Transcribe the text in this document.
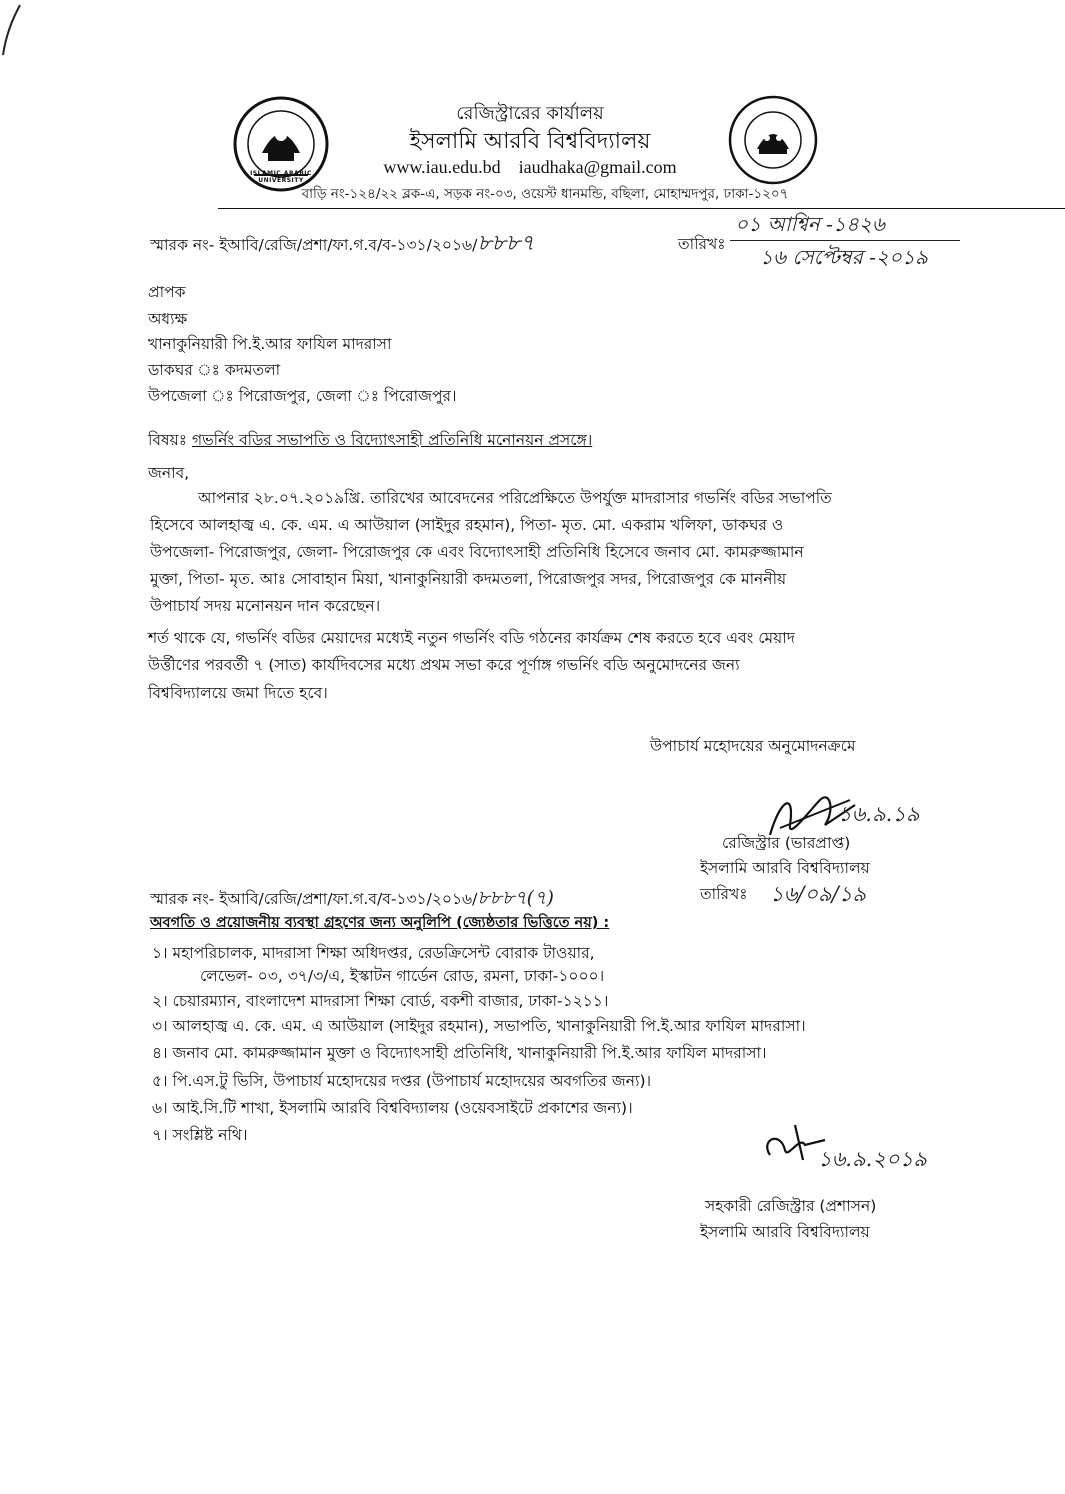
ISLAMIC ARABIC UNIVERSITY
রেজিস্ট্রারের কার্যালয়
ইসলামি আরবি বিশ্ববিদ্যালয়
www.iau.edu.bd iaudhaka@gmail.com
বাড়ি নং-১২৪/২২ ব্লক-এ, সড়ক নং-০৩, ওয়েস্ট ধানমন্ডি, বছিলা, মোহাম্মদপুর, ঢাকা-১২০৭
স্মারক নং- ইআবি/রেজি/প্রশা/ফা.গ.ব/ব-১৩১/২০১৬/৮৮৮৭	তারিখঃ
০১ আশ্বিন -১৪২৬
১৬ সেপ্টেম্বর -২০১৯
প্রাপক
অধ্যক্ষ
খানাকুনিয়ারী পি.ই.আর ফাযিল মাদরাসা
ডাকঘর ঃ কদমতলা
উপজেলা ঃ পিরোজপুর, জেলা ঃ পিরোজপুর।
বিষয়ঃ গভর্নিং বডির সভাপতি ও বিদ্যোৎসাহী প্রতিনিধি মনোনয়ন প্রসঙ্গে।
জনাব,
আপনার ২৮.০৭.২০১৯খ্রি. তারিখের আবেদনের পরিপ্রেক্ষিতে উপর্যুক্ত মাদরাসার গভর্নিং বডির সভাপতি
হিসেবে আলহাজ্ব এ. কে. এম. এ আউয়াল (সাইদুর রহমান), পিতা- মৃত. মো. একরাম খলিফা, ডাকঘর ও
উপজেলা- পিরোজপুর, জেলা- পিরোজপুর কে এবং বিদ্যোৎসাহী প্রতিনিধি হিসেবে জনাব মো. কামরুজ্জামান
মুক্তা, পিতা- মৃত. আঃ সোবাহান মিয়া, খানাকুনিয়ারী কদমতলা, পিরোজপুর সদর, পিরোজপুর কে মাননীয়
উপাচার্য সদয় মনোনয়ন দান করেছেন।
শর্ত থাকে যে, গভর্নিং বডির মেয়াদের মধ্যেই নতুন গভর্নিং বডি গঠনের কার্যক্রম শেষ করতে হবে এবং মেয়াদ
উর্ত্তীণের পরবর্তী ৭ (সাত) কার্যদিবসের মধ্যে প্রথম সভা করে পূর্ণাঙ্গ গভর্নিং বডি অনুমোদনের জন্য
বিশ্ববিদ্যালয়ে জমা দিতে হবে।
উপাচার্য মহোদয়ের অনুমোদনক্রমে
১৬.৯.১৯
রেজিস্ট্রার (ভারপ্রাপ্ত)
ইসলামি আরবি বিশ্ববিদ্যালয়
তারিখঃ ১৬/০৯/১৯
স্মারক নং- ইআবি/রেজি/প্রশা/ফা.গ.ব/ব-১৩১/২০১৬/৮৮৮৭(৭)
অবগতি ও প্রয়োজনীয় ব্যবস্থা গ্রহণের জন্য অনুলিপি (জ্যেষ্ঠতার ভিত্তিতে নয়) :
১। মহাপরিচালক, মাদরাসা শিক্ষা অধিদপ্তর, রেডক্রিসেন্ট বোরাক টাওয়ার,
লেভেল- ০৩, ৩৭/৩/এ, ইস্কাটন গার্ডেন রোড, রমনা, ঢাকা-১০০০।
২। চেয়ারম্যান, বাংলাদেশ মাদরাসা শিক্ষা বোর্ড, বকশী বাজার, ঢাকা-১২১১।
৩। আলহাজ্ব এ. কে. এম. এ আউয়াল (সাইদুর রহমান), সভাপতি, খানাকুনিয়ারী পি.ই.আর ফাযিল মাদরাসা।
৪। জনাব মো. কামরুজ্জামান মুক্তা ও বিদ্যোৎসাহী প্রতিনিধি, খানাকুনিয়ারী পি.ই.আর ফাযিল মাদরাসা।
৫। পি.এস.টু ভিসি, উপাচার্য মহোদয়ের দপ্তর (উপাচার্য মহোদয়ের অবগতির জন্য)।
৬। আই.সি.টি শাখা, ইসলামি আরবি বিশ্ববিদ্যালয় (ওয়েবসাইটে প্রকাশের জন্য)।
৭। সংশ্লিষ্ট নথি।
১৬.৯.২০১৯
সহকারী রেজিস্ট্রার (প্রশাসন)
ইসলামি আরবি বিশ্ববিদ্যালয়
